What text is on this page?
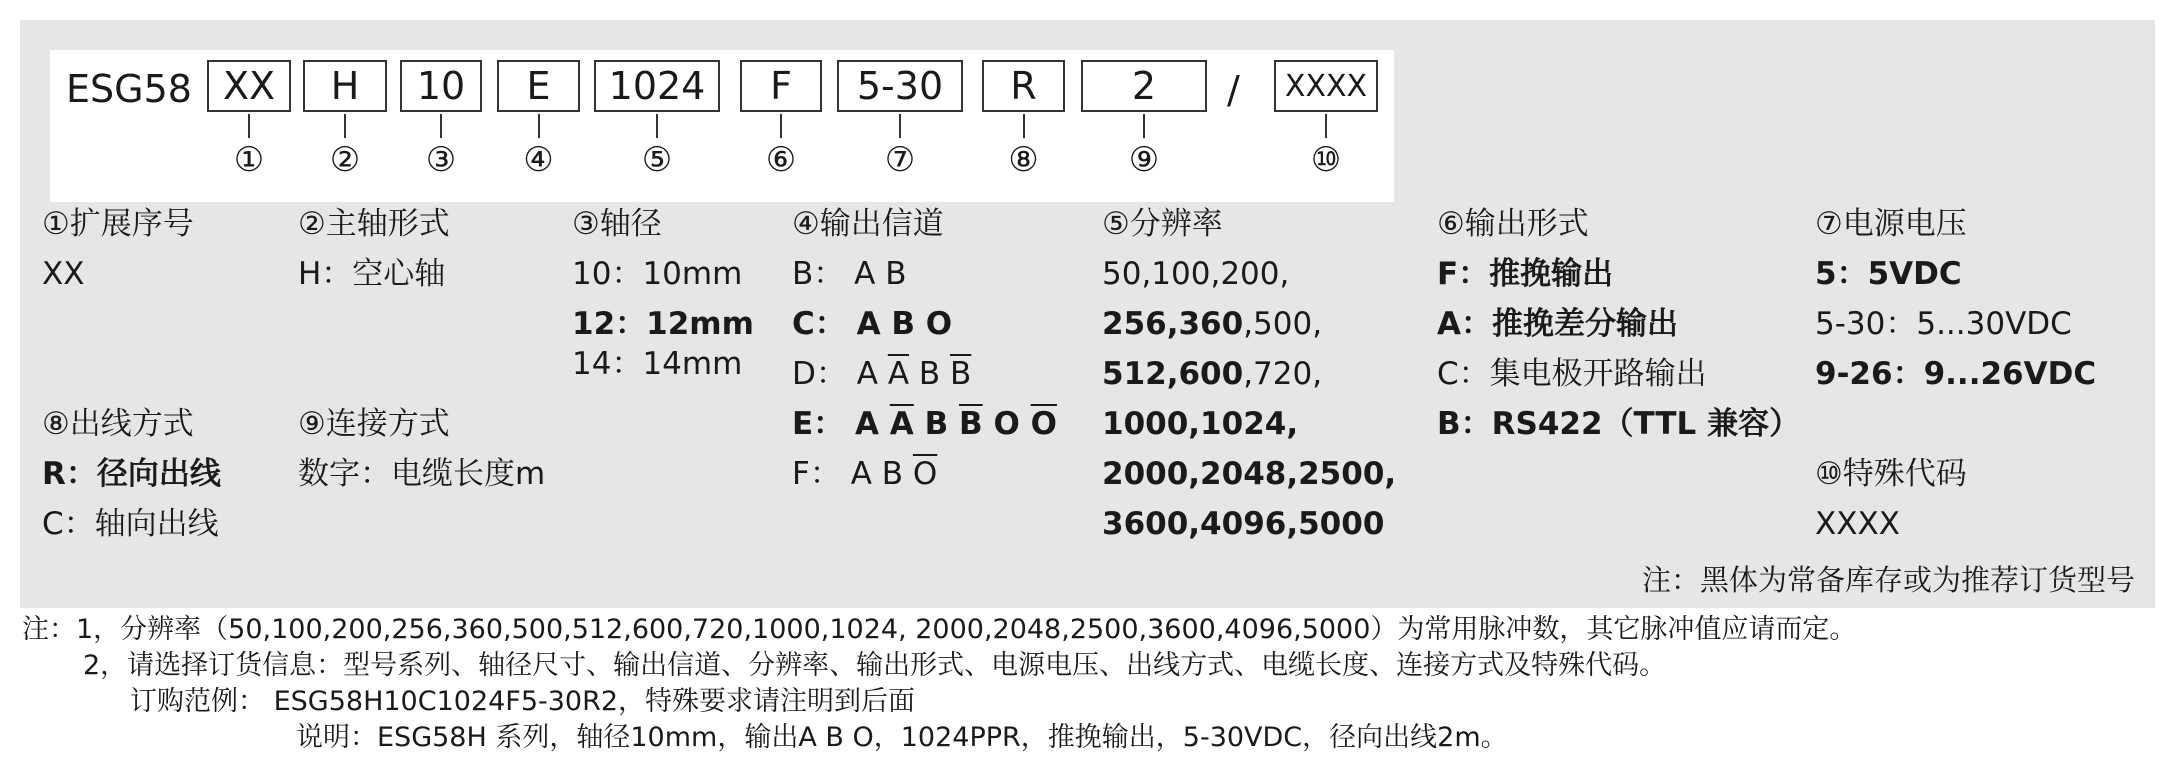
ESG58 XX
①
H
②
10
③
E
④
1024
⑤
F
⑥
5-30
⑦
R
⑧
2
⑨
/	XXXX
⑩
①扩展序号
XX
⑧出线方式
R：径向出线
C：轴向出线
②主轴形式
H：空心轴
⑨连接方式
数字：电缆长度m
③轴径
10：10mm
12：12mm
14：14mm
④输出信道
B： A B
C： A B O
D： A $\overline{A}$ B $\overline{B}$
E： A $\overline{A}$ B $\overline{B}$ O $\overline{O}$
F： A B $\overline{O}$
⑤分辨率
50,100,200,
256,360,500,
512,600,720,
1000,1024,
2000,2048,2500,
3600,4096,5000
⑥输出形式
F：推挽输出
A：推挽差分输出
C：集电极开路输出
B：RS422（TTL 兼容）
⑦电源电压
5：5VDC
5-30：5...30VDC
9-26：9...26VDC
⑩特殊代码
XXXX
注：黑体为常备库存或为推荐订货型号
注：1，分辨率（50,100,200,256,360,500,512,600,720,1000,1024, 2000,2048,2500,3600,4096,5000）为常用脉冲数，其它脉冲值应请而定。
2，请选择订货信息：型号系列、轴径尺寸、输出信道、分辨率、输出形式、电源电压、出线方式、电缆长度、连接方式及特殊代码。
订购范例： ESG58H10C1024F5-30R2，特殊要求请注明到后面
说明：ESG58H 系列，轴径10mm，输出A B O，1024PPR，推挽输出，5-30VDC，径向出线2m。
